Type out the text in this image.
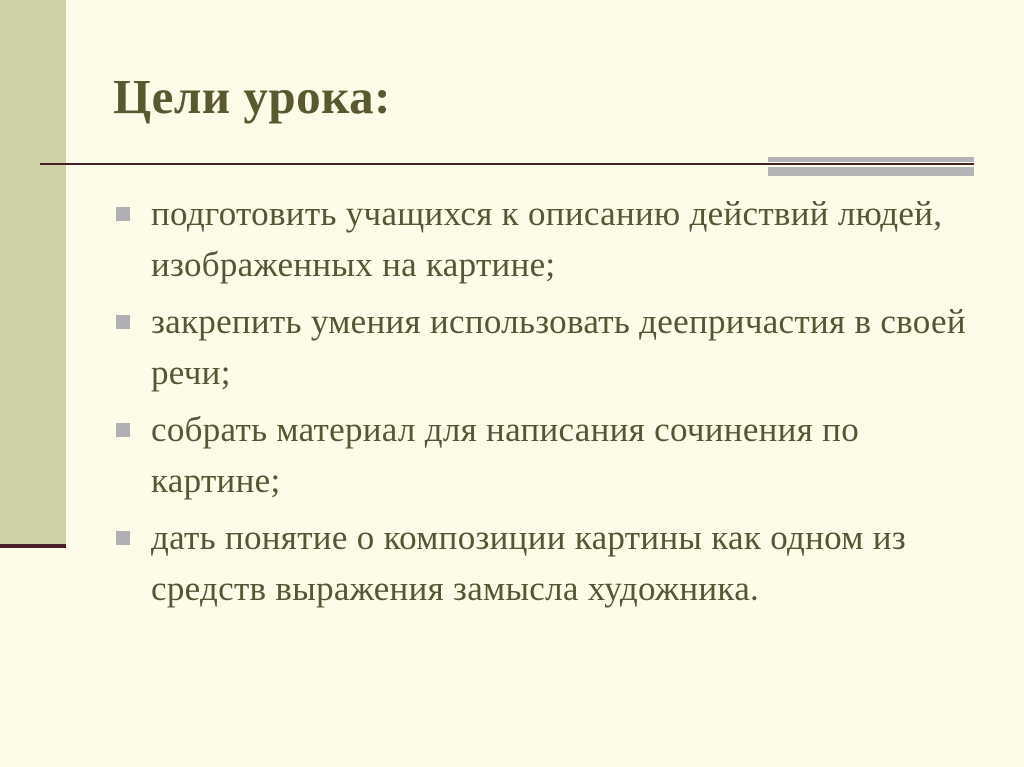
Цели урока:
подготовить учащихся к описанию действий людей, изображенных на картине;
закрепить умения использовать деепричастия в своей речи;
собрать материал для написания сочинения по картине;
дать понятие о композиции картины как одном из средств выражения замысла художника.
